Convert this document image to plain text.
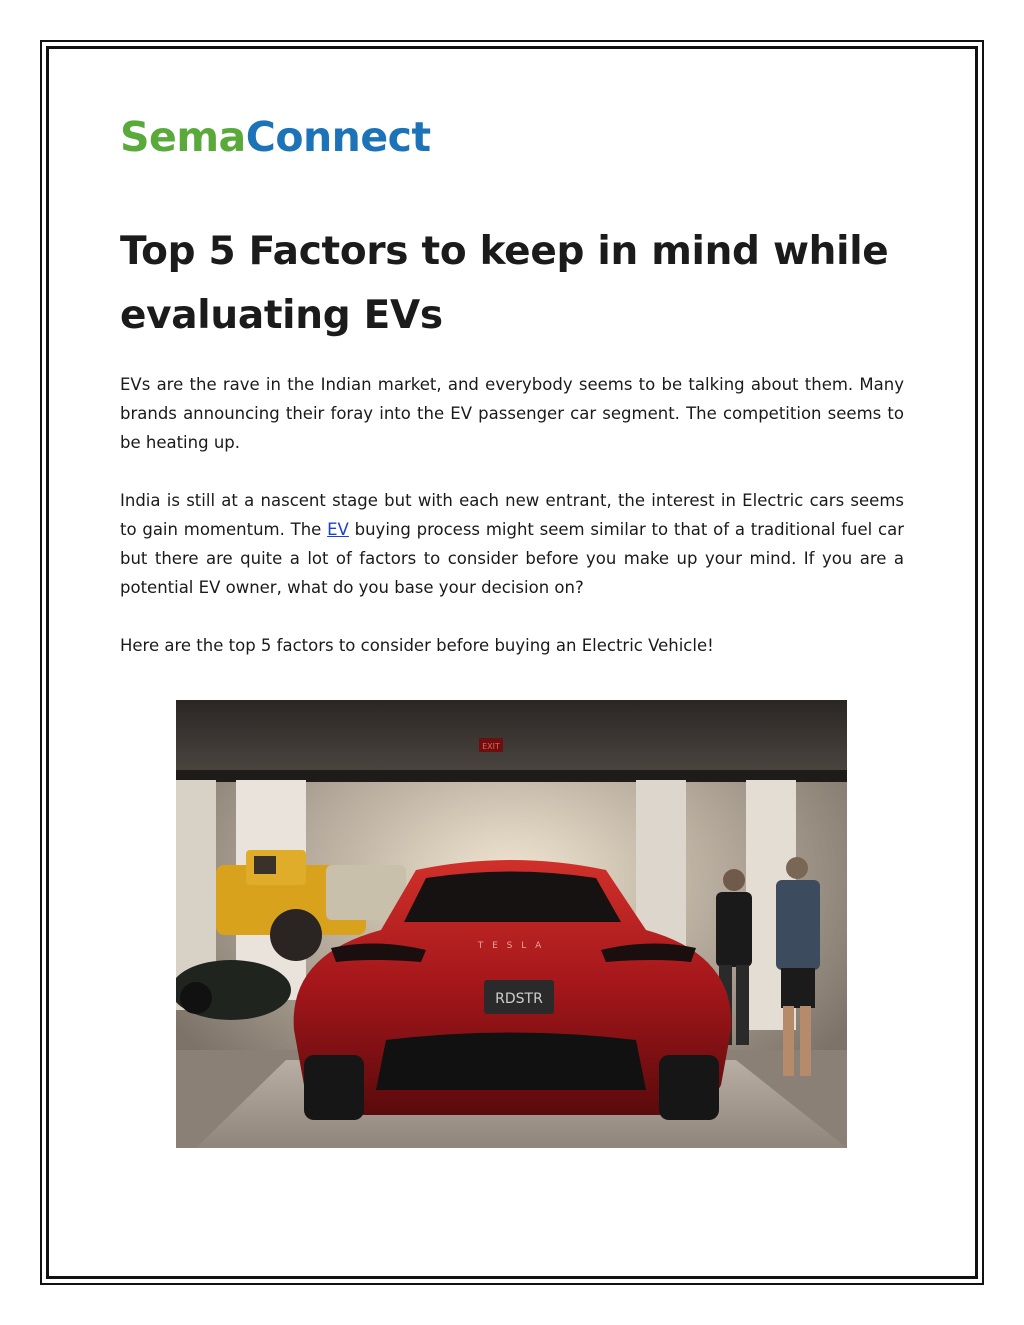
Sema Connect
Top 5 Factors to keep in mind while evaluating EVs

EVs are the rave in the Indian market, and everybody seems to be talking about them. Many brands announcing their foray into the EV passenger car segment. The competition seems to be heating up.

India is still at a nascent stage but with each new entrant, the interest in Electric cars seems to gain momentum. The EV buying process might seem similar to that of a traditional fuel car but there are quite a lot of factors to consider before you make up your mind. If you are a potential EV owner, what do you base your decision on?

Here are the top 5 factors to consider before buying an Electric Vehicle!

EXIT
T E S L A
RDSTR
